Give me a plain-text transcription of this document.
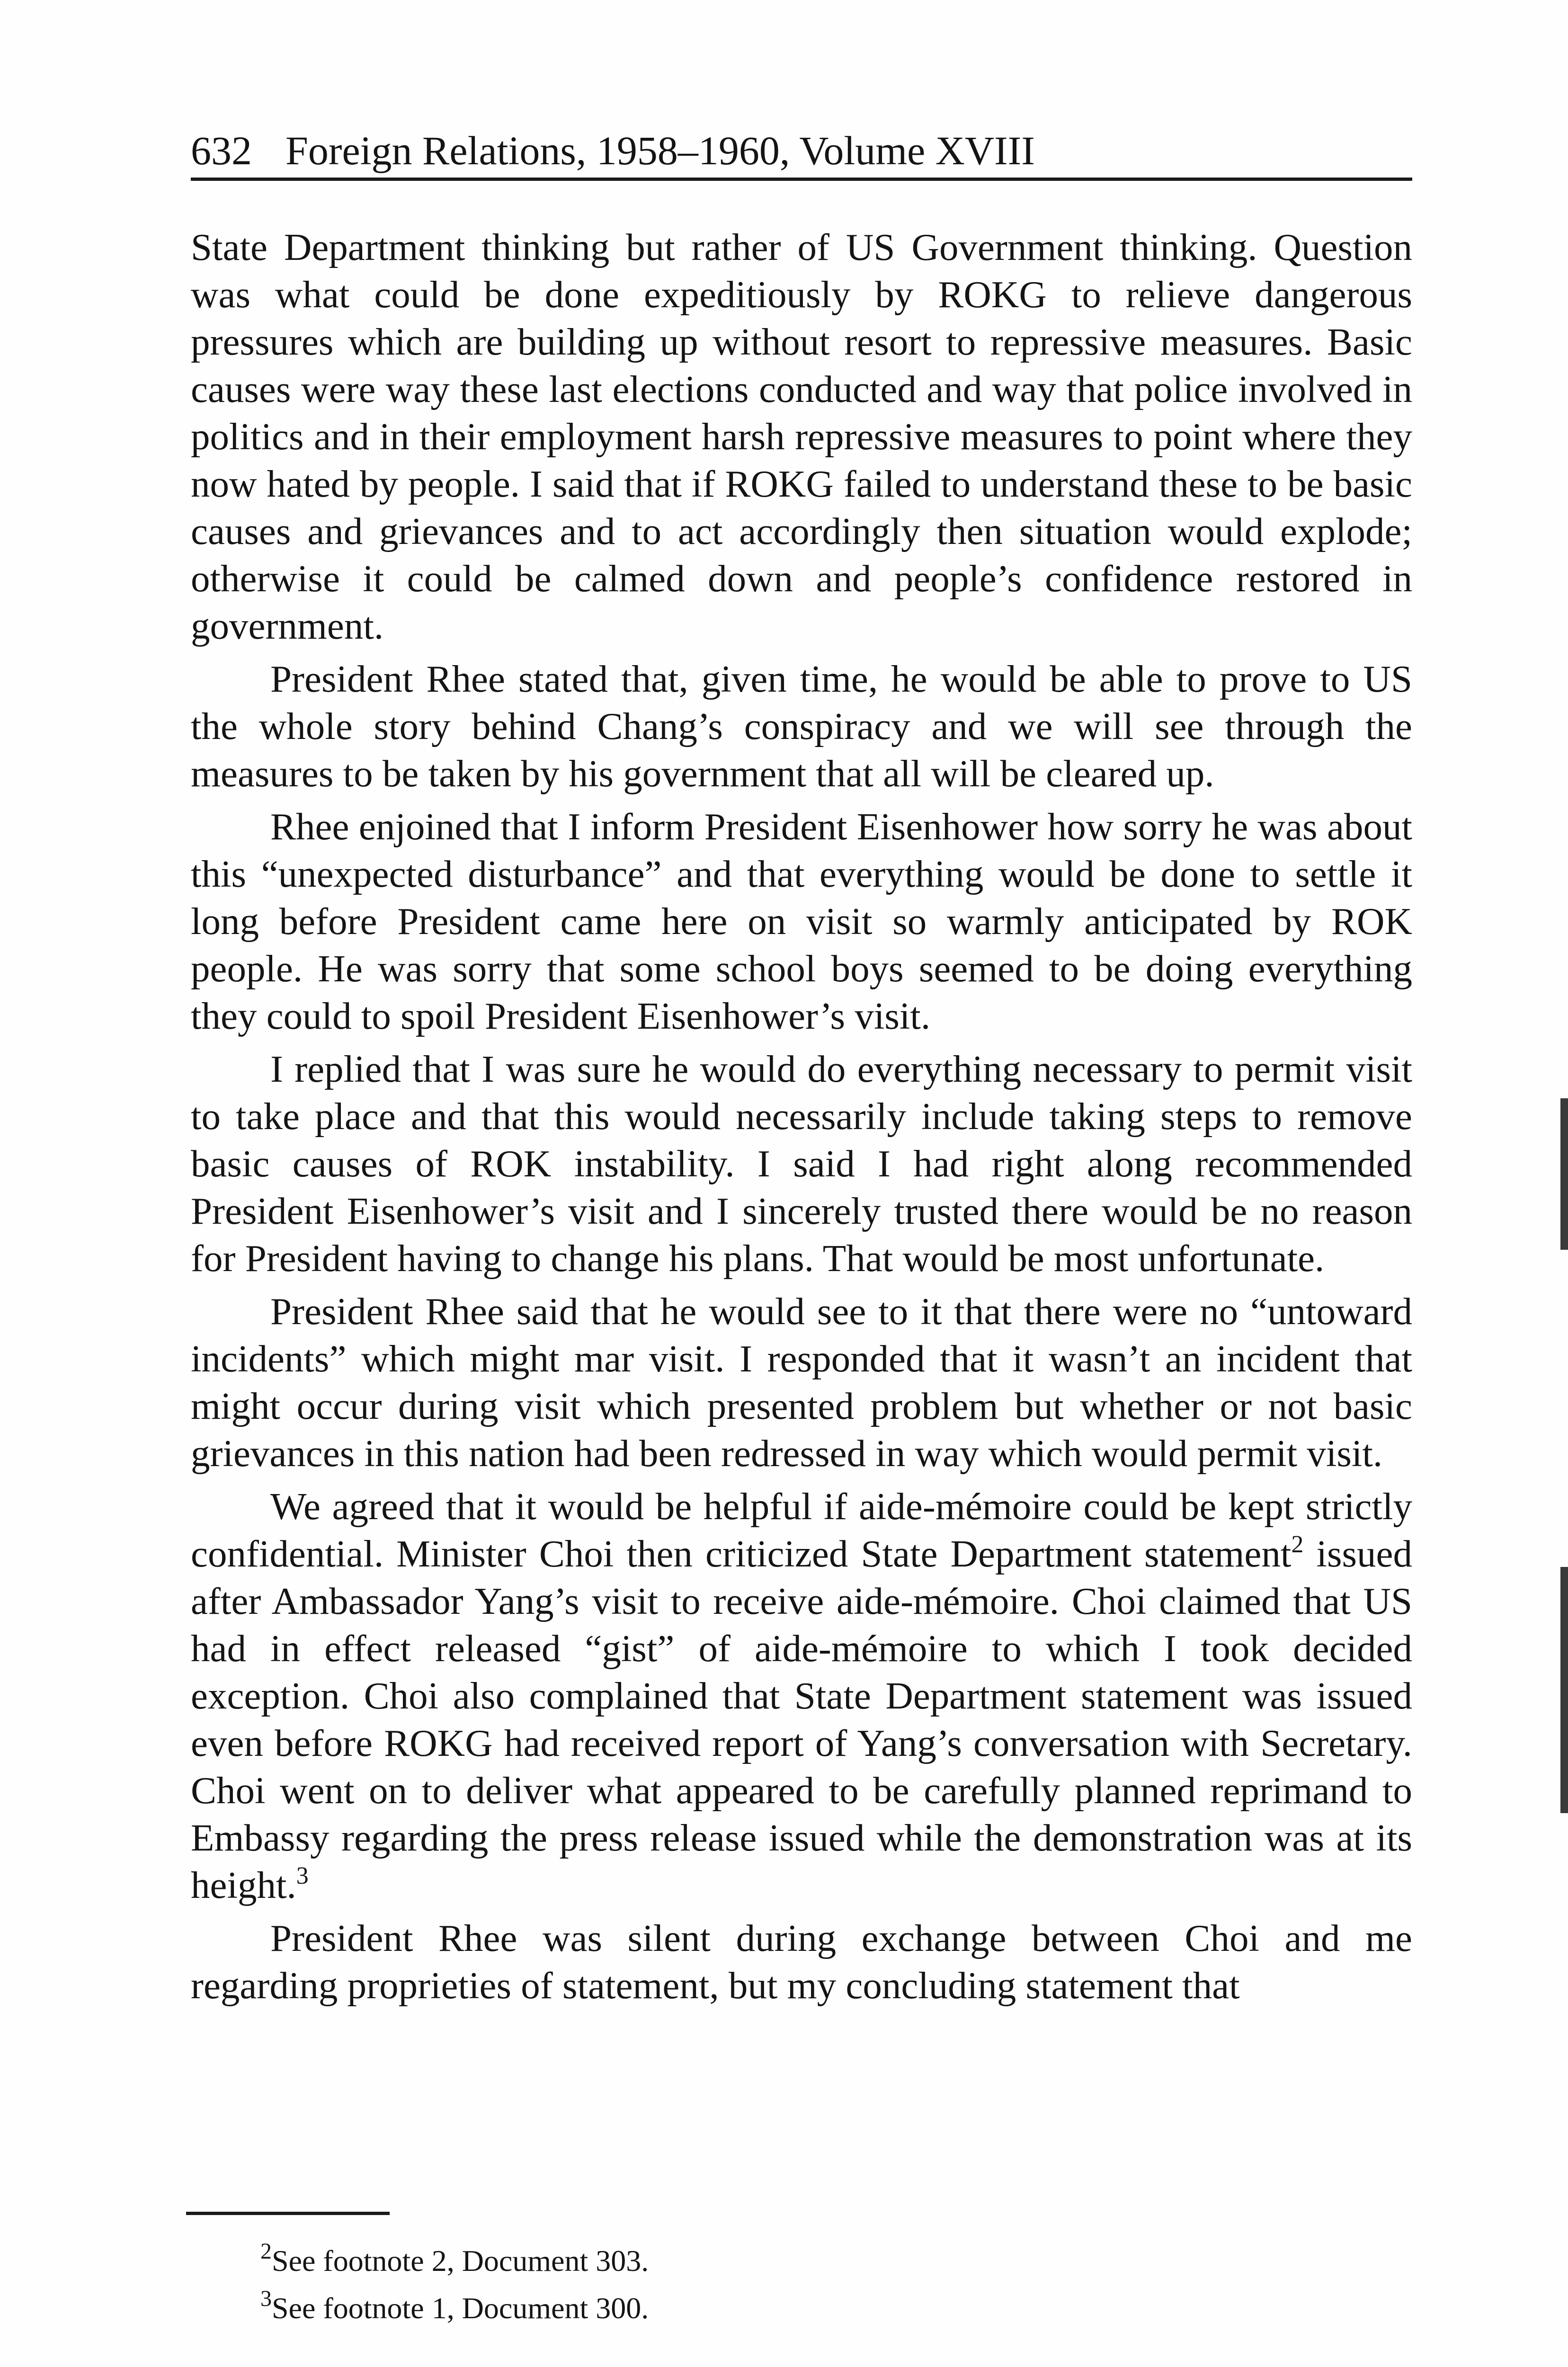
632 Foreign Relations, 1958–1960, Volume XVIII

State Department thinking but rather of US Government thinking. Question was what could be done expeditiously by ROKG to relieve dangerous pressures which are building up without resort to repressive measures. Basic causes were way these last elections conducted and way that police involved in politics and in their employment harsh repressive measures to point where they now hated by people. I said that if ROKG failed to understand these to be basic causes and grievances and to act accordingly then situation would explode; otherwise it could be calmed down and people’s confidence restored in government.

President Rhee stated that, given time, he would be able to prove to US the whole story behind Chang’s conspiracy and we will see through the measures to be taken by his government that all will be cleared up.

Rhee enjoined that I inform President Eisenhower how sorry he was about this “unexpected disturbance” and that everything would be done to settle it long before President came here on visit so warmly anticipated by ROK people. He was sorry that some school boys seemed to be doing everything they could to spoil President Eisenhower’s visit.

I replied that I was sure he would do everything necessary to permit visit to take place and that this would necessarily include taking steps to remove basic causes of ROK instability. I said I had right along recommended President Eisenhower’s visit and I sincerely trusted there would be no reason for President having to change his plans. That would be most unfortunate.

President Rhee said that he would see to it that there were no “untoward incidents” which might mar visit. I responded that it wasn’t an incident that might occur during visit which presented problem but whether or not basic grievances in this nation had been redressed in way which would permit visit.

We agreed that it would be helpful if aide-mémoire could be kept strictly confidential. Minister Choi then criticized State Department statement$^2$ issued after Ambassador Yang’s visit to receive aide-mémoire. Choi claimed that US had in effect released “gist” of aide-mémoire to which I took decided exception. Choi also complained that State Department statement was issued even before ROKG had received report of Yang’s conversation with Secretary. Choi went on to deliver what appeared to be carefully planned reprimand to Embassy regarding the press release issued while the demonstration was at its height.$^3$

President Rhee was silent during exchange between Choi and me regarding proprieties of statement, but my concluding statement that

$^2$See footnote 2, Document 303.

$^3$See footnote 1, Document 300.
